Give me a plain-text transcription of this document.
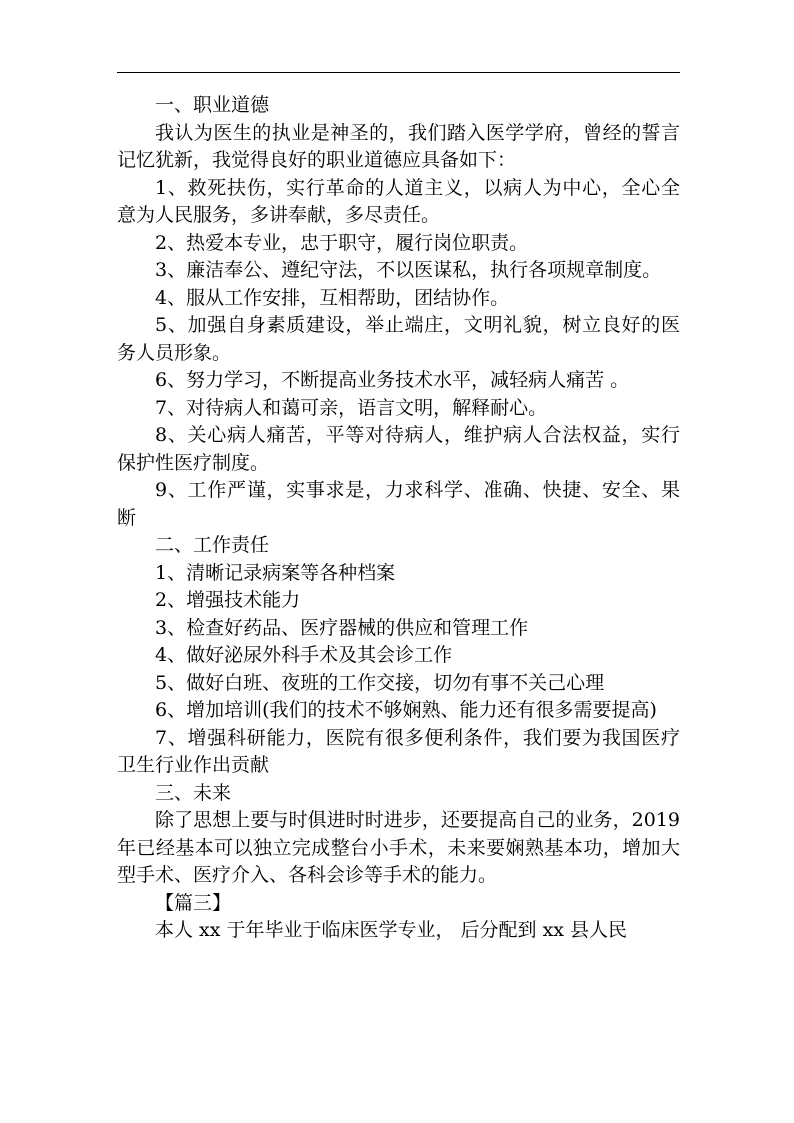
一、职业道德

我认为医生的执业是神圣的，我们踏入医学学府，曾经的誓言记忆犹新，我觉得良好的职业道德应具备如下：

1、救死扶伤，实行革命的人道主义，以病人为中心，全心全意为人民服务，多讲奉献，多尽责任。

2、热爱本专业，忠于职守，履行岗位职责。

3、廉洁奉公、遵纪守法，不以医谋私，执行各项规章制度。

4、服从工作安排，互相帮助，团结协作。

5、加强自身素质建设，举止端庄，文明礼貌，树立良好的医务人员形象。

6、努力学习，不断提高业务技术水平，减轻病人痛苦 。

7、对待病人和蔼可亲，语言文明，解释耐心。

8、关心病人痛苦，平等对待病人，维护病人合法权益，实行保护性医疗制度。

9、工作严谨，实事求是，力求科学、准确、快捷、安全、果断

二、工作责任

1、清晰记录病案等各种档案

2、增强技术能力

3、检查好药品、医疗器械的供应和管理工作

4、做好泌尿外科手术及其会诊工作

5、做好白班、夜班的工作交接，切勿有事不关己心理

6、增加培训(我们的技术不够娴熟、能力还有很多需要提高)

7、增强科研能力，医院有很多便利条件，我们要为我国医疗卫生行业作出贡献

三、未来

除了思想上要与时俱进时时进步，还要提高自己的业务，2019 年已经基本可以独立完成整台小手术，未来要娴熟基本功，增加大型手术、医疗介入、各科会诊等手术的能力。

【篇三】

本人 xx 于年毕业于临床医学专业， 后分配到 xx 县人民
